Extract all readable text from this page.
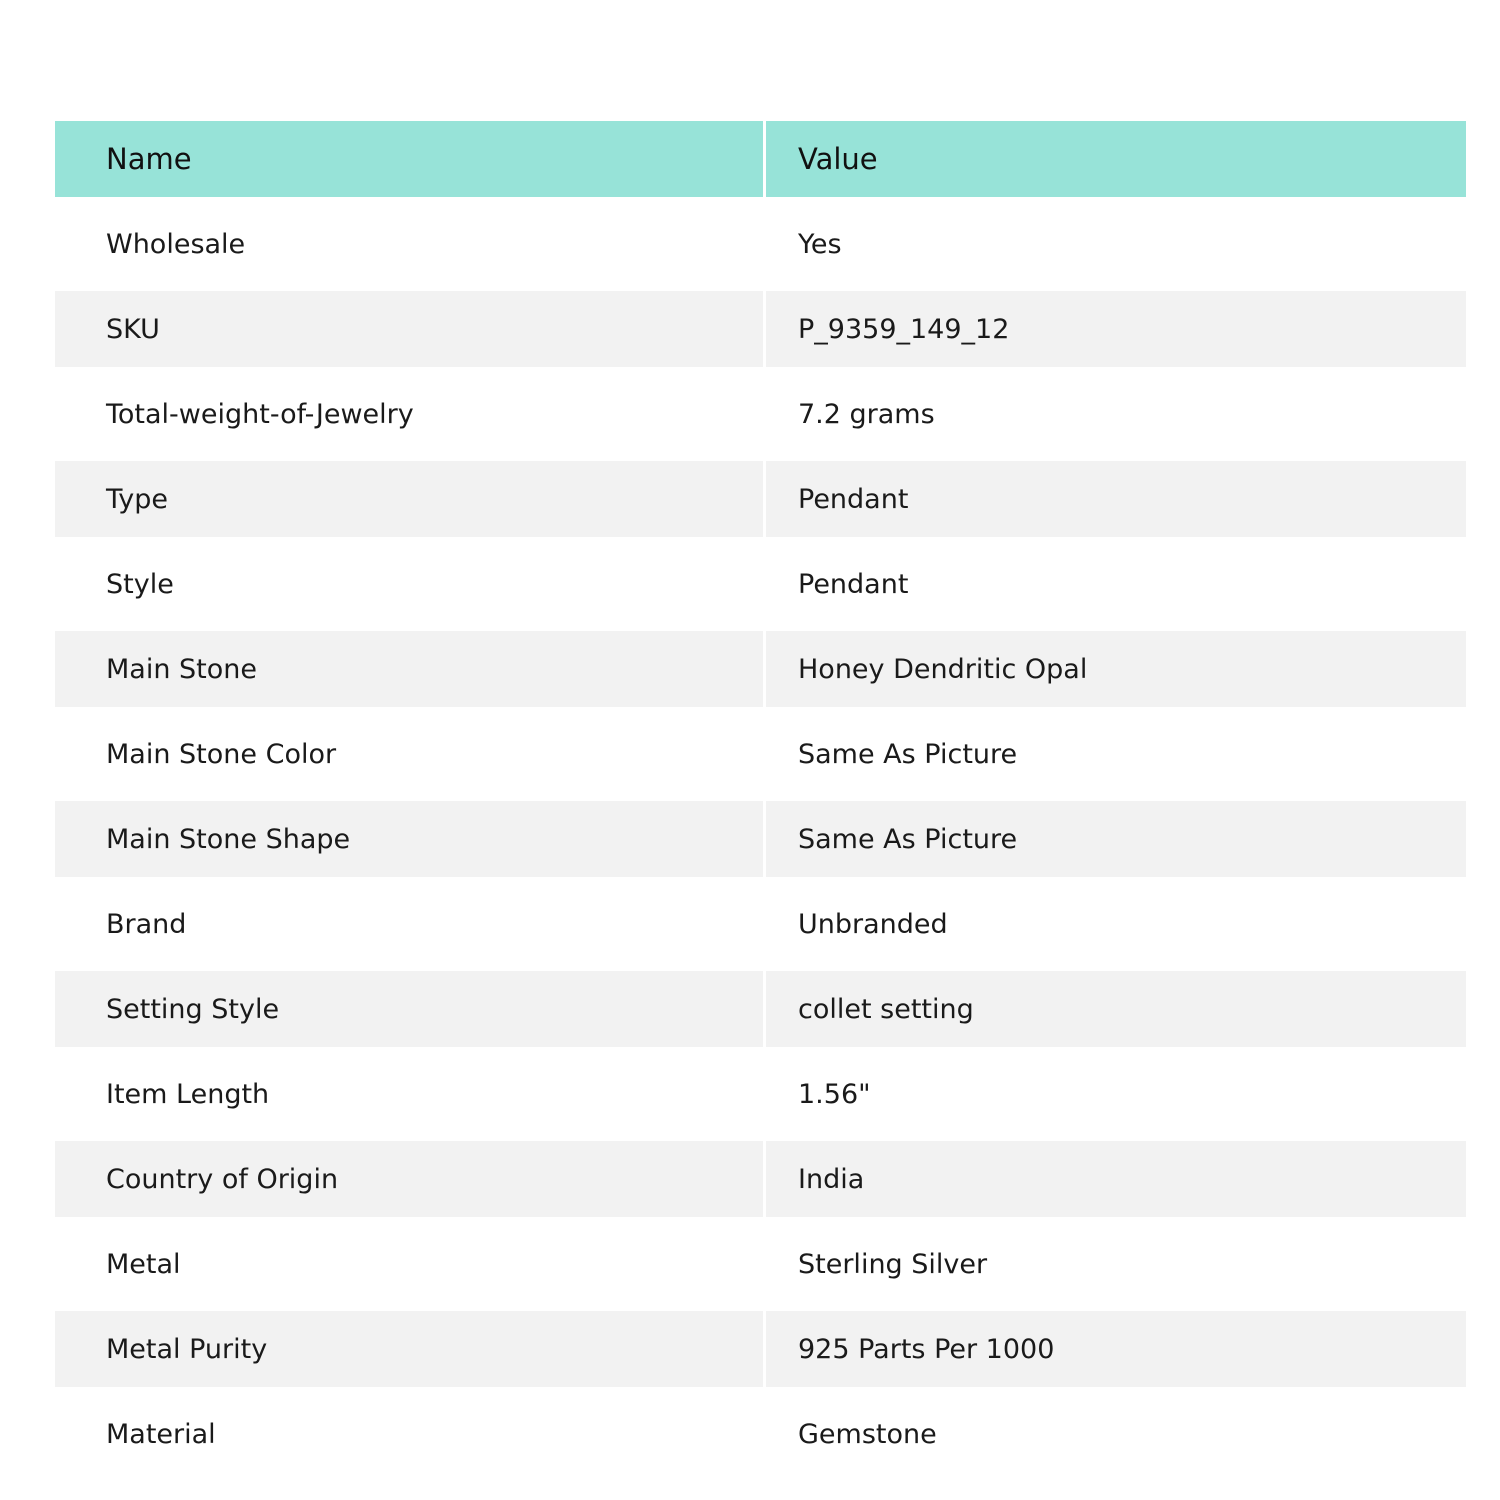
Name	Value
Wholesale	Yes
SKU	P_9359_149_12
Total-weight-of-Jewelry	7.2 grams
Type	Pendant
Style	Pendant
Main Stone	Honey Dendritic Opal
Main Stone Color	Same As Picture
Main Stone Shape	Same As Picture
Brand	Unbranded
Setting Style	collet setting
Item Length	1.56"
Country of Origin	India
Metal	Sterling Silver
Metal Purity	925 Parts Per 1000
Material	Gemstone
